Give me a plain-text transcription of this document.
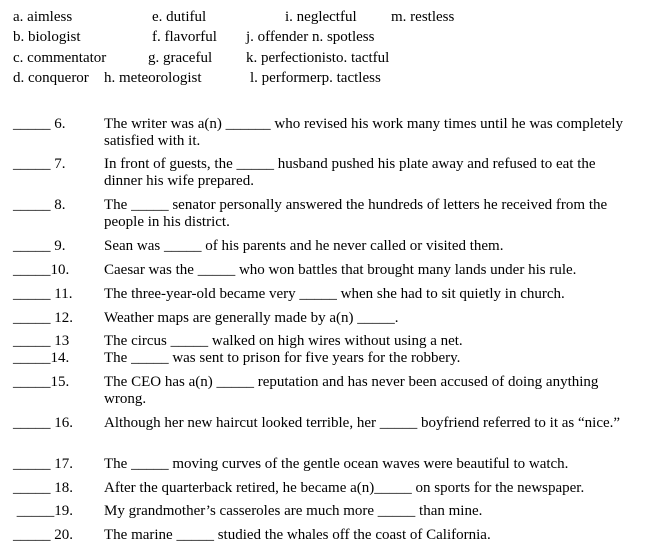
a. aimless	e. dutiful	i. neglectful m. restless
b. biologist	f. flavorful j. offender n. spotless
c. commentator	g. graceful k. perfectionisto. tactful
d. conqueror h. meteorologist	l. performerp. tactless
_____ 6.	The writer was a(n) ______ who revised his work many times until he was completely satisfied with it.
_____ 7.	In front of guests, the _____ husband pushed his plate away and refused to eat the dinner his wife prepared.
_____ 8.	The _____ senator personally answered the hundreds of letters he received from the people in his district.
_____ 9.	Sean was _____ of his parents and he never called or visited them.
_____10. Caesar was the _____ who won battles that brought many lands under his rule.
_____ 11. The three-year-old became very _____ when she had to sit quietly in church.
_____ 12. Weather maps are generally made by a(n) _____.
_____ 13 The circus _____ walked on high wires without using a net.
_____14. The _____ was sent to prison for five years for the robbery.
_____15. The CEO has a(n) _____ reputation and has never been accused of doing anything wrong.
_____ 16. Although her new haircut looked terrible, her _____ boyfriend referred to it as “nice.”
_____ 17. The _____ moving curves of the gentle ocean waves were beautiful to watch.
_____ 18. After the quarterback retired, he became a(n)_____ on sports for the newspaper.
_____19. My grandmother’s casseroles are much more _____ than mine.
_____ 20. The marine _____ studied the whales off the coast of California.
